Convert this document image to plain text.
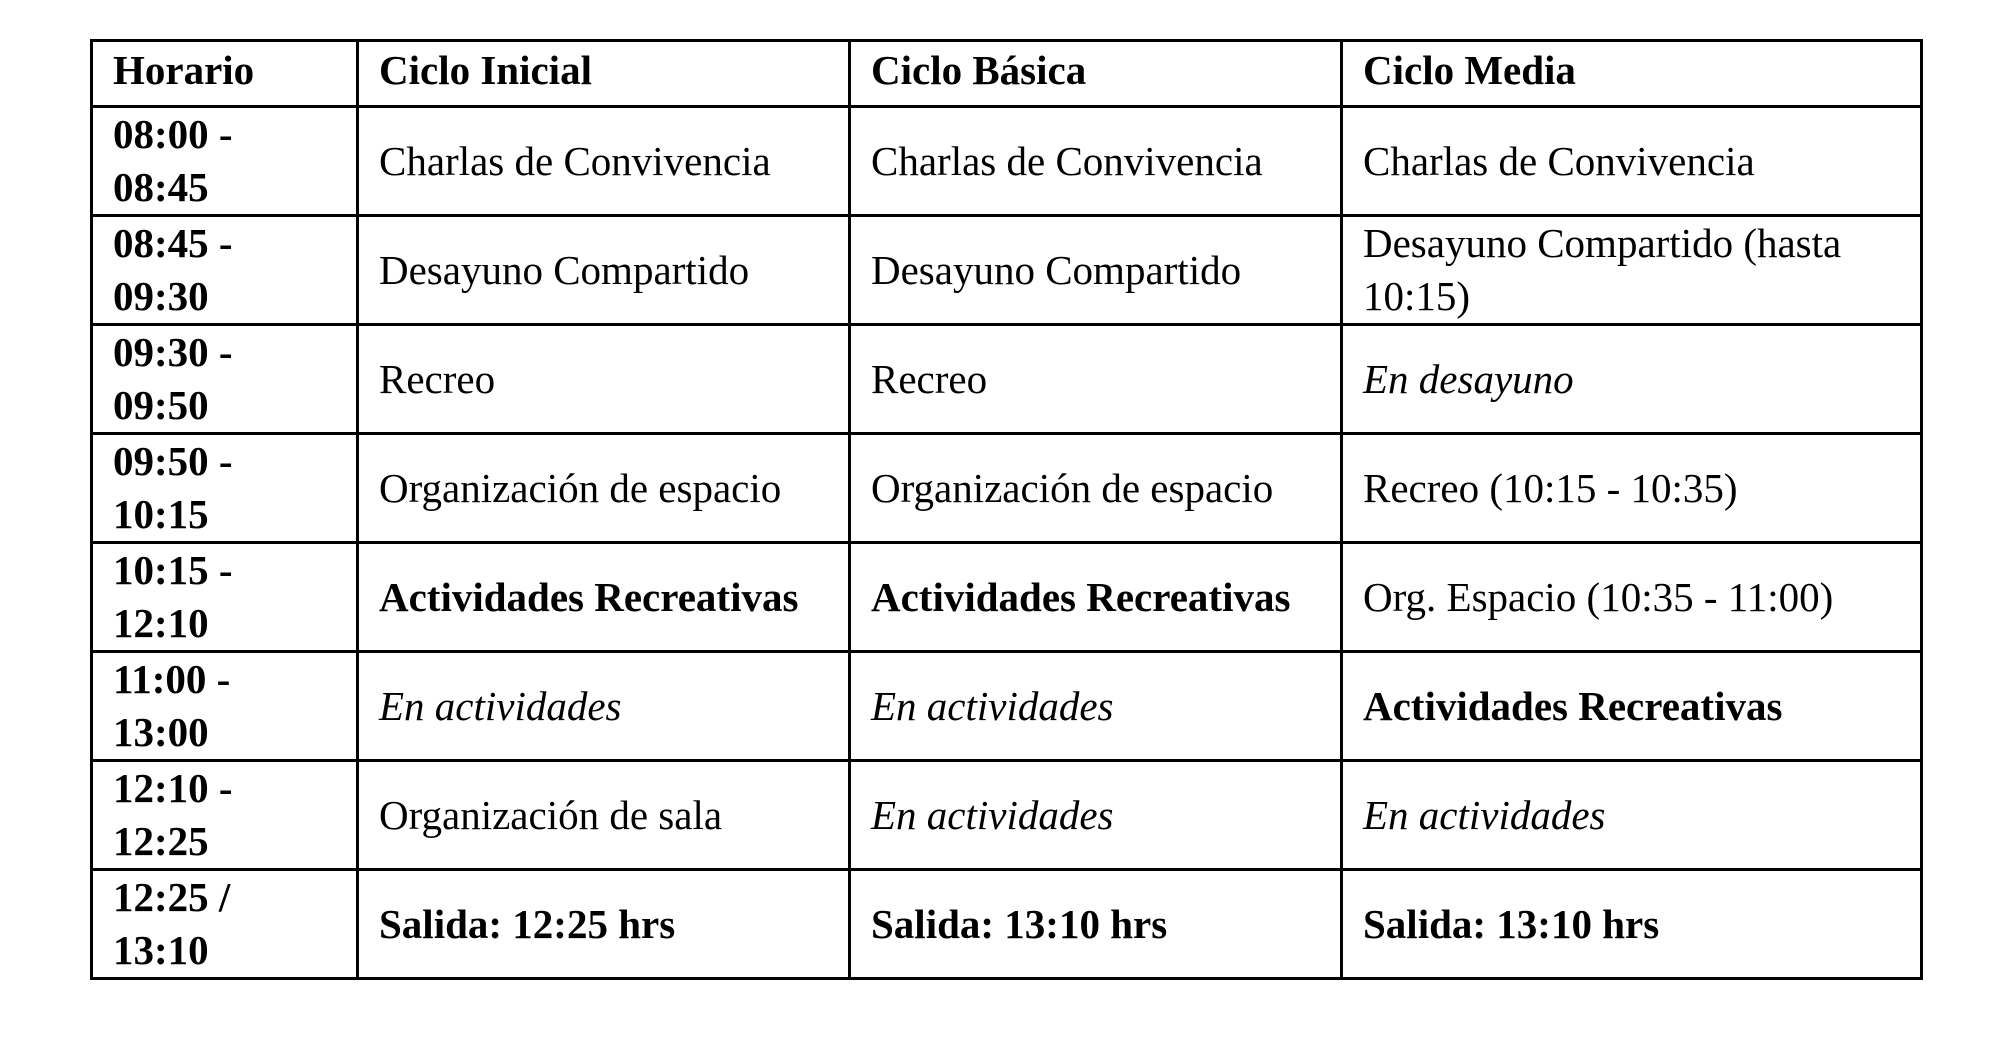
Horario	Ciclo Inicial	Ciclo Básica	Ciclo Media

08:00 -
08:45	Charlas de Convivencia	Charlas de Convivencia	Charlas de Convivencia

08:45 -
09:30	Desayuno Compartido	Desayuno Compartido	Desayuno Compartido (hasta 10:15)

09:30 -
09:50	Recreo	Recreo	En desayuno

09:50 -
10:15	Organización de espacio	Organización de espacio	Recreo (10:15 - 10:35)

10:15 -
12:10	Actividades Recreativas	Actividades Recreativas	Org. Espacio (10:35 - 11:00)

11:00 -
13:00	En actividades	En actividades	Actividades Recreativas

12:10 -
12:25	Organización de sala	En actividades	En actividades

12:25 /
13:10	Salida: 12:25 hrs	Salida: 13:10 hrs	Salida: 13:10 hrs
